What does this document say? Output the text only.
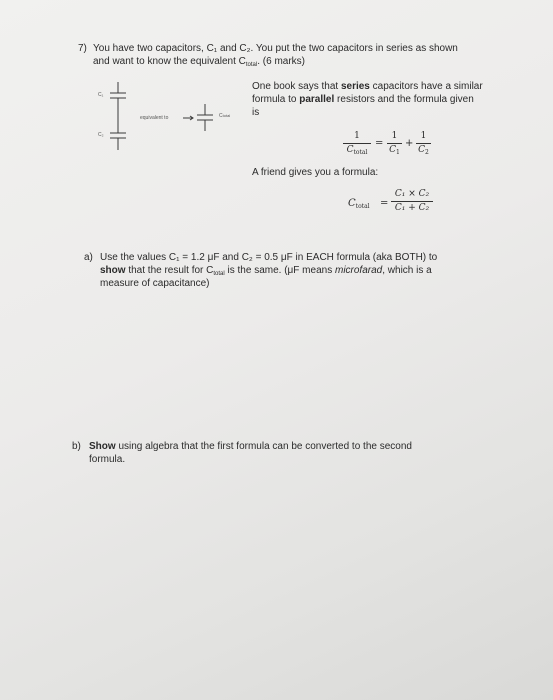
7) You have two capacitors, C₁ and C₂. You put the two capacitors in series as shown
and want to know the equivalent $C_{total}$. (6 marks)
C₁
C₂
equivalent to	Ctotal
One book says that series capacitors have a similar
formula to parallel resistors and the formula given
is
1
$C_{total}$
=
1
$C_1$
+
1
$C_2$
A friend gives you a formula:
$C_{total}$ =
C₁ × C₂
C₁ + C₂
a) Use the values C₁ = 1.2 μF and C₂ = 0.5 μF in EACH formula (aka BOTH) to
show that the result for $C_{total}$ is the same. (μF means microfarad, which is a
measure of capacitance)
b) Show using algebra that the first formula can be converted to the second
formula.
